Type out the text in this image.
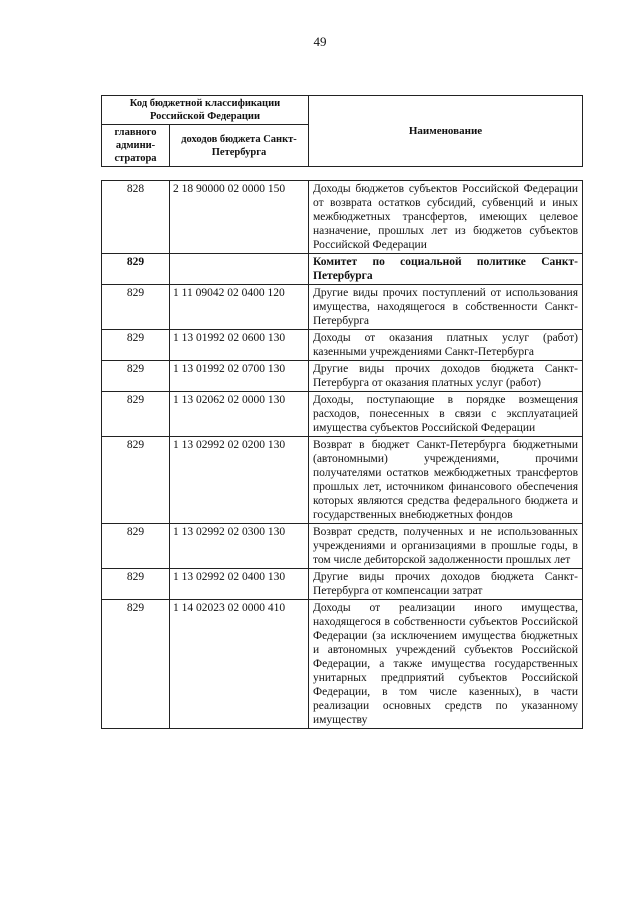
49
Код бюджетной классификации Российской Федерации		Наименование
главного админи-стратора	доходов бюджета Санкт-Петербурга	
828	2 18 90000 02 0000 150	Доходы бюджетов субъектов Российской Федерации от возврата остатков субсидий, субвенций и иных межбюджетных трансфертов, имеющих целевое назначение, прошлых лет из бюджетов субъектов Российской Федерации
829		Комитет по социальной политике Санкт-Петербурга
829	1 11 09042 02 0400 120	Другие виды прочих поступлений от использования имущества, находящегося в собственности Санкт-Петербурга
829	1 13 01992 02 0600 130	Доходы от оказания платных услуг (работ) казенными учреждениями Санкт-Петербурга
829	1 13 01992 02 0700 130	Другие виды прочих доходов бюджета Санкт-Петербурга от оказания платных услуг (работ)
829	1 13 02062 02 0000 130	Доходы, поступающие в порядке возмещения расходов, понесенных в связи с эксплуатацией имущества субъектов Российской Федерации
829	1 13 02992 02 0200 130	Возврат в бюджет Санкт-Петербурга бюджетными (автономными) учреждениями, прочими получателями остатков межбюджетных трансфертов прошлых лет, источником финансового обеспечения которых являются средства федерального бюджета и государственных внебюджетных фондов
829	1 13 02992 02 0300 130	Возврат средств, полученных и не использованных учреждениями и организациями в прошлые годы, в том числе дебиторской задолженности прошлых лет
829	1 13 02992 02 0400 130	Другие виды прочих доходов бюджета Санкт-Петербурга от компенсации затрат
829	1 14 02023 02 0000 410	Доходы от реализации иного имущества, находящегося в собственности субъектов Российской Федерации (за исключением имущества бюджетных и автономных учреждений субъектов Российской Федерации, а также имущества государственных унитарных предприятий субъектов Российской Федерации, в том числе казенных), в части реализации основных средств по указанному имуществу
